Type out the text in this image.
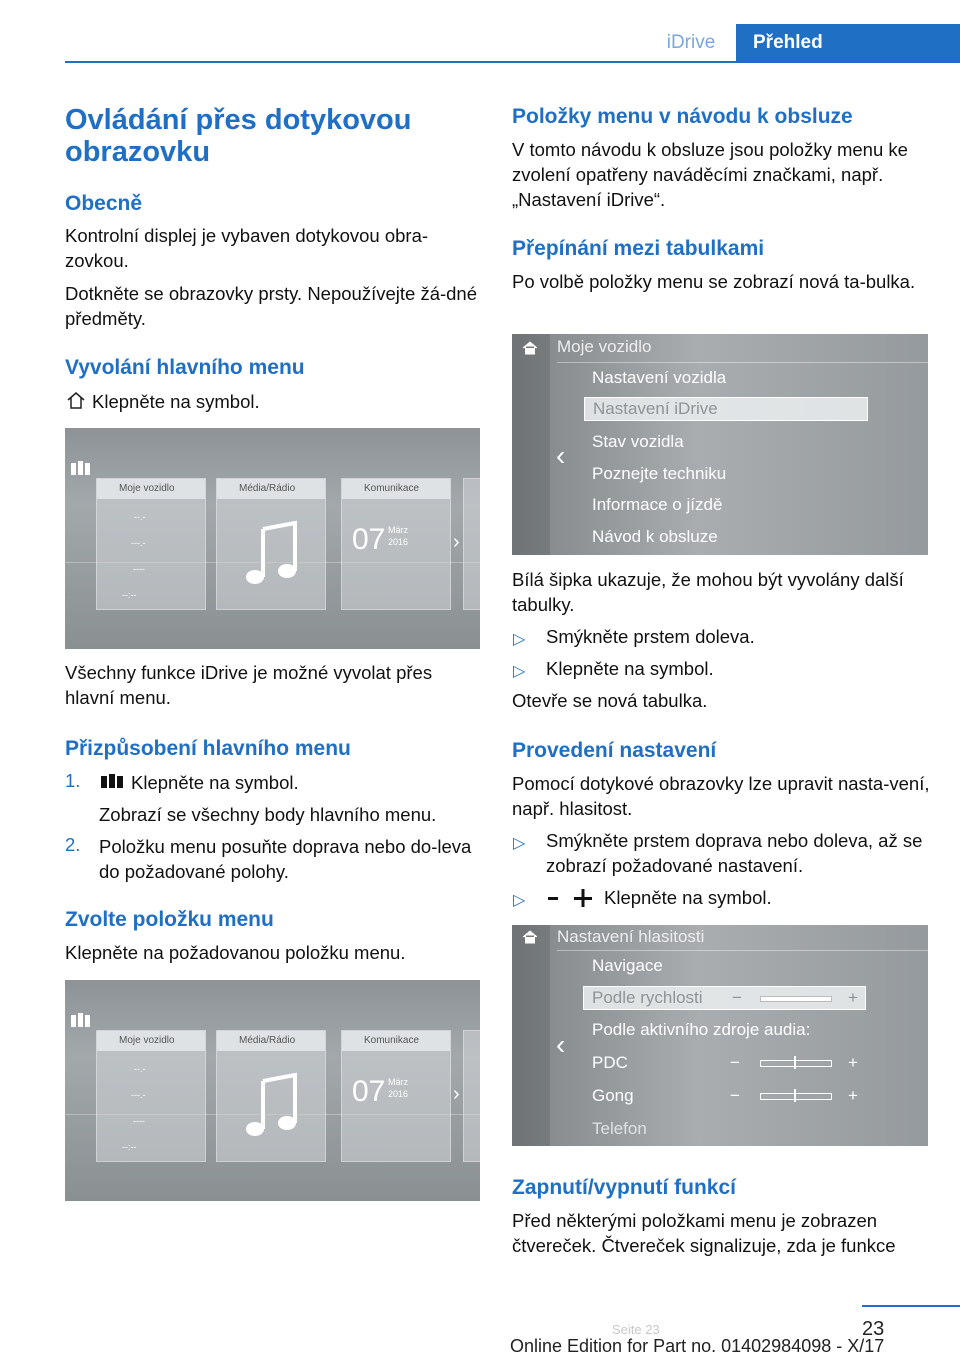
iDrive	Přehled
Ovládání přes dotykovou obrazovku
Obecně
Kontrolní displej je vybaven dotykovou obra-zovkou.
Dotkněte se obrazovky prsty. Nepoužívejte žá-dné předměty.
Vyvolání hlavního menu
Klepněte na symbol.
Moje vozidlo
--.-
---.-
----
--:--
Média/Rádio	Komunikace
07 März
2016 ›
Všechny funkce iDrive je možné vyvolat přes hlavní menu.
Přizpůsobení hlavního menu
1.	Klepněte na symbol.
Zobrazí se všechny body hlavního menu.
2. Položku menu posuňte doprava nebo do-leva do požadované polohy.
Zvolte položku menu
Klepněte na požadovanou položku menu.
Moje vozidlo
--.-
---.-
----
--:--
Média/Rádio	Komunikace
07 März
2016 ›
Položky menu v návodu k obsluze
V tomto návodu k obsluze jsou položky menu ke zvolení opatřeny naváděcími značkami, např. „Nastavení iDrive“.
Přepínání mezi tabulkami
Po volbě položky menu se zobrazí nová ta-bulka.
Moje vozidlo
‹
Nastavení vozidla
Nastavení iDrive
Stav vozidla
Poznejte techniku
Informace o jízdě
Návod k obsluze
Bílá šipka ukazuje, že mohou být vyvolány další tabulky.
▷ Smýkněte prstem doleva.
▷ Klepněte na symbol.
Otevře se nová tabulka.
Provedení nastavení
Pomocí dotykové obrazovky lze upravit nasta-vení, např. hlasitost.
▷ Smýkněte prstem doprava nebo doleva, až se zobrazí požadované nastavení.
▷	Klepněte na symbol.
Nastavení hlasitosti
‹
Navigace
Podle rychlosti −	+
Podle aktivního zdroje audia:
PDC	−	+
Gong	−	+
Telefon
Zapnutí/vypnutí funkcí
Před některými položkami menu je zobrazen čtvereček. Čtvereček signalizuje, zda je funkce
23
Seite 23
Online Edition for Part no. 01402984098 - X/17
